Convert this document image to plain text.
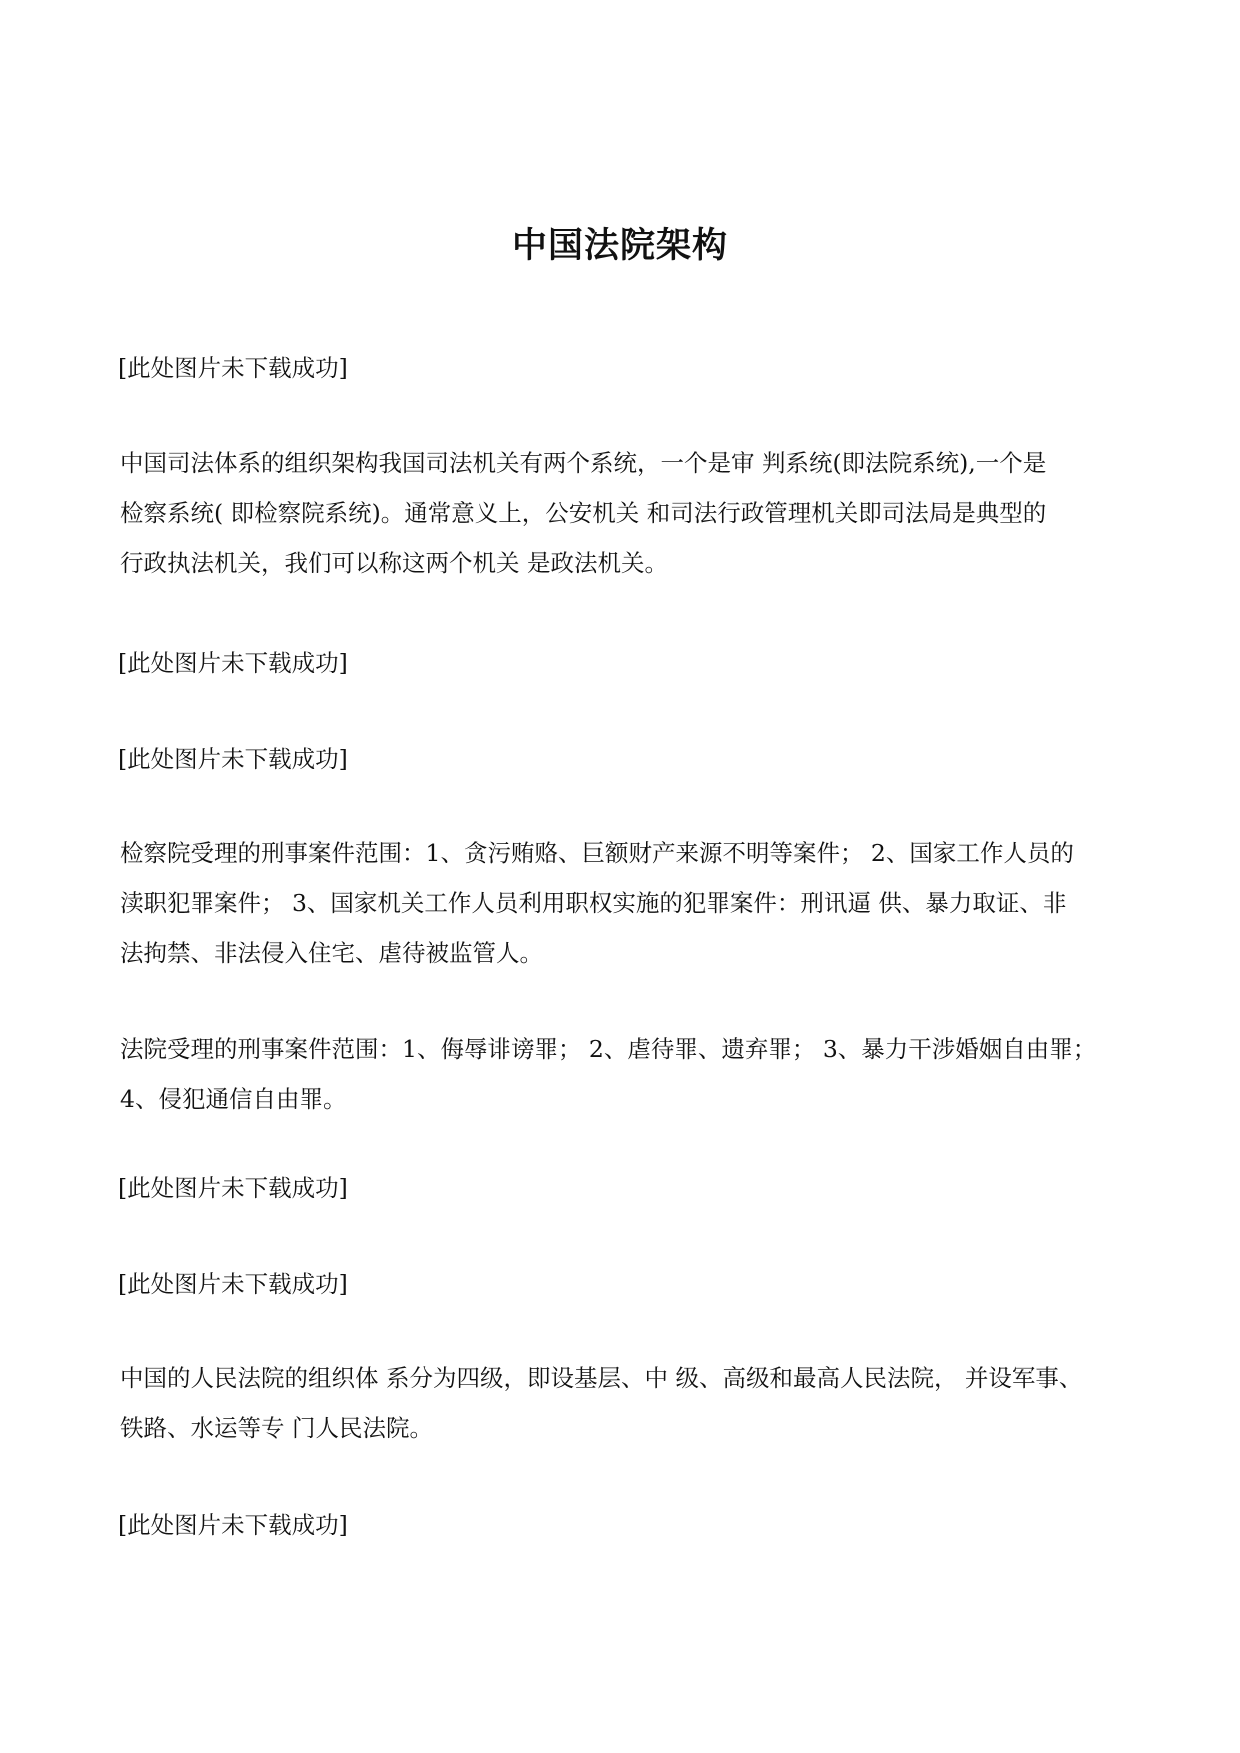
中国法院架构

[此处图片未下载成功]

中国司法体系的组织架构我国司法机关有两个系统，一个是审 判系统(即法院系统),一个是
检察系统( 即检察院系统)。通常意义上，公安机关 和司法行政管理机关即司法局是典型的
行政执法机关，我们可以称这两个机关 是政法机关。

[此处图片未下载成功]

[此处图片未下载成功]

检察院受理的刑事案件范围：1、贪污贿赂、巨额财产来源不明等案件； 2、国家工作人员的
渎职犯罪案件； 3、国家机关工作人员利用职权实施的犯罪案件：刑讯逼 供、暴力取证、非
法拘禁、非法侵入住宅、虐待被监管人。
法院受理的刑事案件范围：1、侮辱诽谤罪； 2、虐待罪、遗弃罪； 3、暴力干涉婚姻自由罪；
4、侵犯通信自由罪。

[此处图片未下载成功]

[此处图片未下载成功]

中国的人民法院的组织体 系分为四级，即设基层、中 级、高级和最高人民法院， 并设军事、
铁路、水运等专 门人民法院。

[此处图片未下载成功]
